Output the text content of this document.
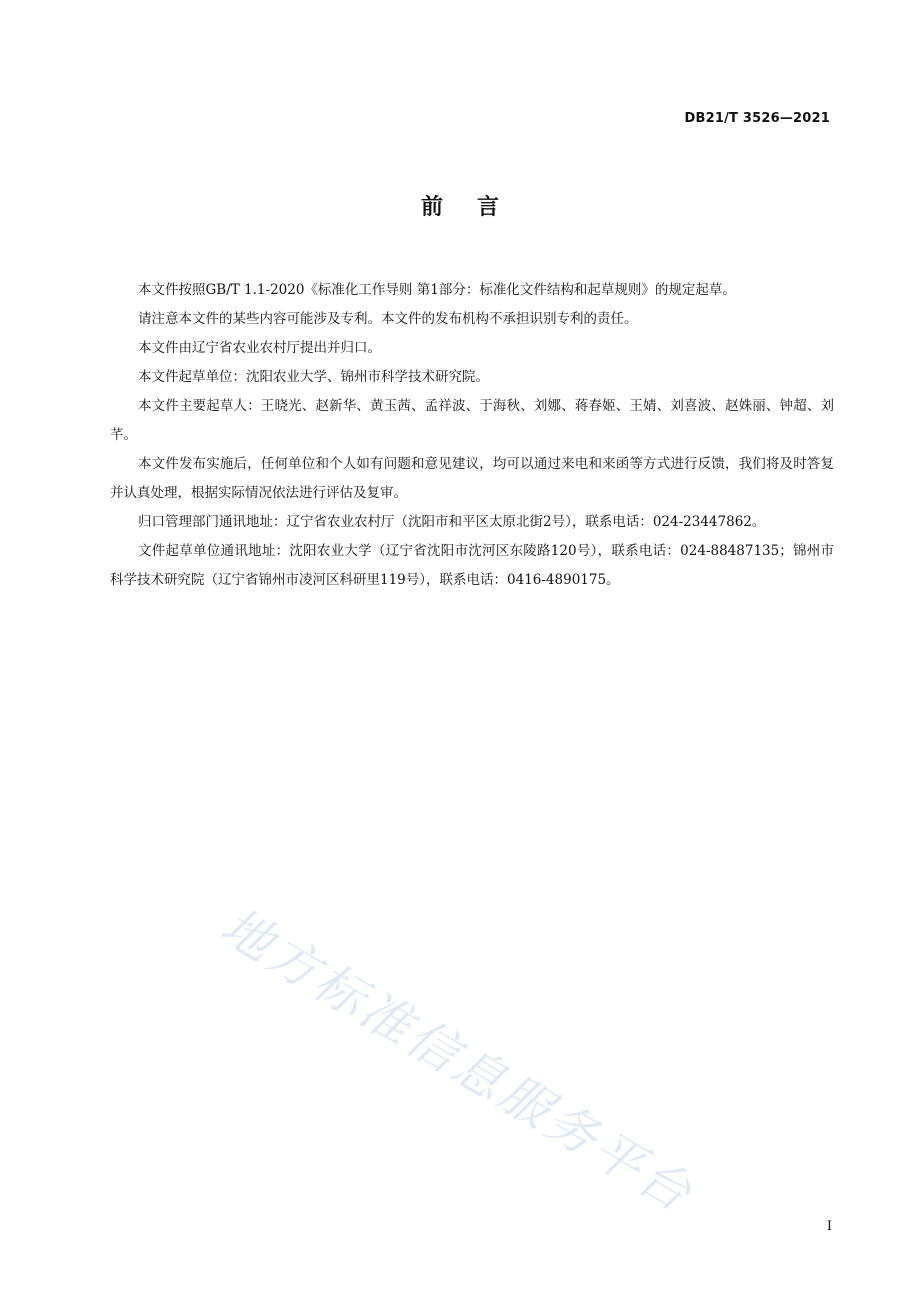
DB21/T 3526—2021
前言

本文件按照GB/T 1.1-2020《标准化工作导则 第1部分：标准化文件结构和起草规则》的规定起草。

请注意本文件的某些内容可能涉及专利。本文件的发布机构不承担识别专利的责任。

本文件由辽宁省农业农村厅提出并归口。

本文件起草单位：沈阳农业大学、锦州市科学技术研究院。

本文件主要起草人：王晓光、赵新华、黄玉茜、孟祥波、于海秋、刘娜、蒋春姬、王婧、刘喜波、赵姝丽、钟超、刘芊。

本文件发布实施后，任何单位和个人如有问题和意见建议，均可以通过来电和来函等方式进行反馈，我们将及时答复并认真处理，根据实际情况依法进行评估及复审。

归口管理部门通讯地址：辽宁省农业农村厅（沈阳市和平区太原北街2号），联系电话：024-23447862。

文件起草单位通讯地址：沈阳农业大学（辽宁省沈阳市沈河区东陵路120号），联系电话：024-88487135；锦州市科学技术研究院（辽宁省锦州市凌河区科研里119号），联系电话：0416-4890175。

地方标准信息服务平台
I
